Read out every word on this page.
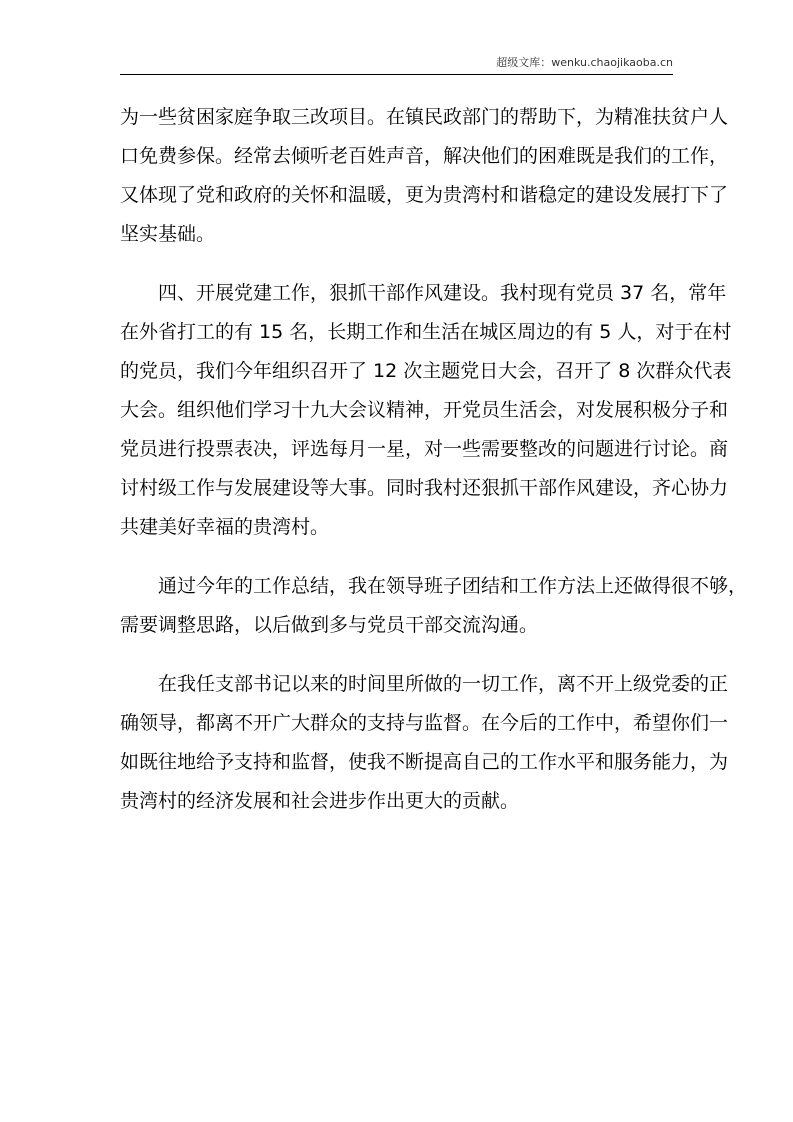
超级文库：wenku.chaojikaoba.cn
为一些贫困家庭争取三改项目。在镇民政部门的帮助下，为精准扶贫户人
口免费参保。经常去倾听老百姓声音，解决他们的困难既是我们的工作，
又体现了党和政府的关怀和温暖，更为贵湾村和谐稳定的建设发展打下了
坚实基础。
四、开展党建工作，狠抓干部作风建设。我村现有党员 37 名，常年
在外省打工的有 15 名，长期工作和生活在城区周边的有 5 人，对于在村
的党员，我们今年组织召开了 12 次主题党日大会，召开了 8 次群众代表
大会。组织他们学习十九大会议精神，开党员生活会，对发展积极分子和
党员进行投票表决，评选每月一星，对一些需要整改的问题进行讨论。商
讨村级工作与发展建设等大事。同时我村还狠抓干部作风建设，齐心协力
共建美好幸福的贵湾村。
通过今年的工作总结，我在领导班子团结和工作方法上还做得很不够，
需要调整思路，以后做到多与党员干部交流沟通。
在我任支部书记以来的时间里所做的一切工作，离不开上级党委的正
确领导，都离不开广大群众的支持与监督。在今后的工作中，希望你们一
如既往地给予支持和监督，使我不断提高自己的工作水平和服务能力，为
贵湾村的经济发展和社会进步作出更大的贡献。
